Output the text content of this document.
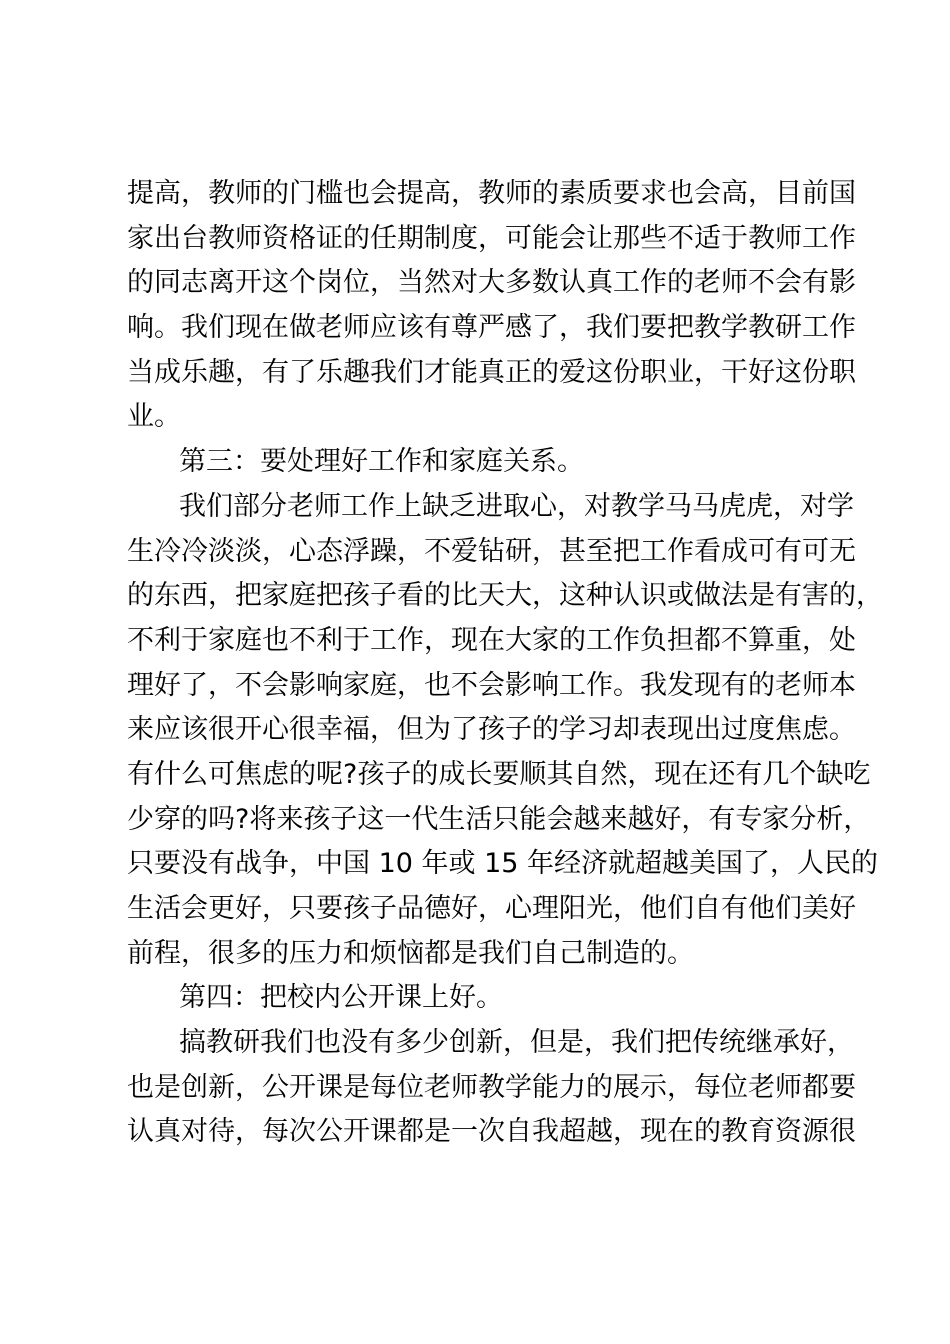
提高，教师的门槛也会提高，教师的素质要求也会高，目前国
家出台教师资格证的任期制度，可能会让那些不适于教师工作
的同志离开这个岗位，当然对大多数认真工作的老师不会有影
响。我们现在做老师应该有尊严感了，我们要把教学教研工作
当成乐趣，有了乐趣我们才能真正的爱这份职业，干好这份职
业。
第三：要处理好工作和家庭关系。
我们部分老师工作上缺乏进取心，对教学马马虎虎，对学
生冷冷淡淡，心态浮躁，不爱钻研，甚至把工作看成可有可无
的东西，把家庭把孩子看的比天大，这种认识或做法是有害的，
不利于家庭也不利于工作，现在大家的工作负担都不算重，处
理好了，不会影响家庭，也不会影响工作。我发现有的老师本
来应该很开心很幸福，但为了孩子的学习却表现出过度焦虑。
有什么可焦虑的呢?孩子的成长要顺其自然，现在还有几个缺吃
少穿的吗?将来孩子这一代生活只能会越来越好，有专家分析，
只要没有战争，中国 10 年或 15 年经济就超越美国了，人民的
生活会更好，只要孩子品德好，心理阳光，他们自有他们美好
前程，很多的压力和烦恼都是我们自己制造的。
第四：把校内公开课上好。
搞教研我们也没有多少创新，但是，我们把传统继承好，
也是创新，公开课是每位老师教学能力的展示，每位老师都要
认真对待，每次公开课都是一次自我超越，现在的教育资源很
